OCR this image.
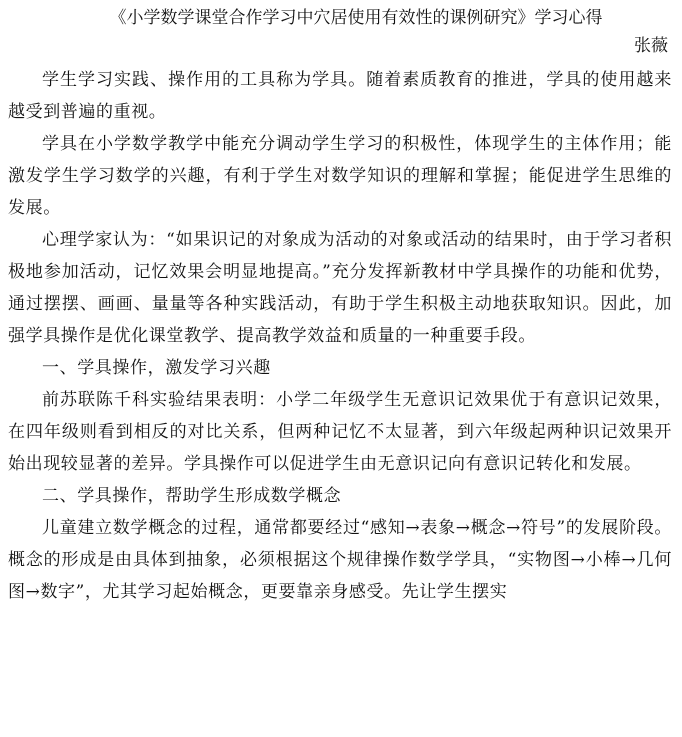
《小学数学课堂合作学习中穴居使用有效性的课例研究》学习心得
张薇

学生学习实践、操作用的工具称为学具。随着素质教育的推进，学具的使用越来越受到普遍的重视。

学具在小学数学教学中能充分调动学生学习的积极性，体现学生的主体作用；能激发学生学习数学的兴趣，有利于学生对数学知识的理解和掌握；能促进学生思维的发展。

心理学家认为：“如果识记的对象成为活动的对象或活动的结果时，由于学习者积极地参加活动，记忆效果会明显地提高。”充分发挥新教材中学具操作的功能和优势，通过摆摆、画画、量量等各种实践活动，有助于学生积极主动地获取知识。因此，加强学具操作是优化课堂教学、提高教学效益和质量的一种重要手段。

一、学具操作，激发学习兴趣

前苏联陈千科实验结果表明：小学二年级学生无意识记效果优于有意识记效果，在四年级则看到相反的对比关系，但两种记忆不太显著，到六年级起两种识记效果开始出现较显著的差异。学具操作可以促进学生由无意识记向有意识记转化和发展。

二、学具操作，帮助学生形成数学概念

儿童建立数学概念的过程，通常都要经过“感知→表象→概念→符号”的发展阶段。概念的形成是由具体到抽象，必须根据这个规律操作数学学具，“实物图→小棒→几何图→数字”，尤其学习起始概念，更要靠亲身感受。先让学生摆实
